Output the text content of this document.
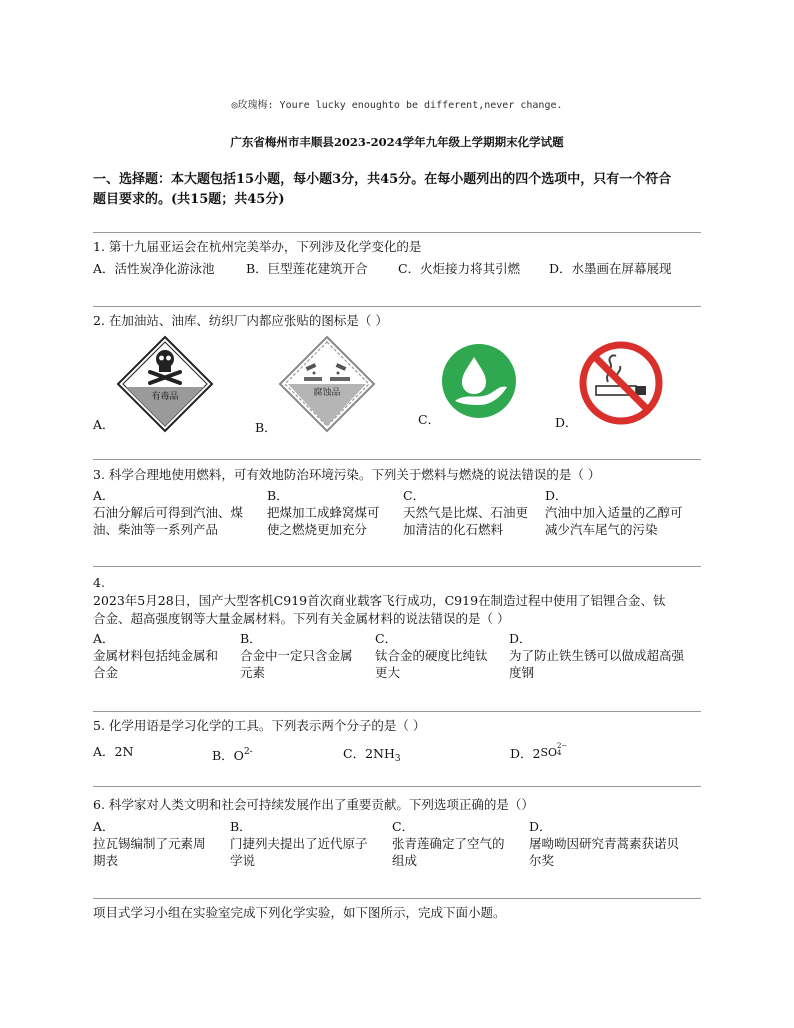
◎玫瑰梅: Youre lucky enoughto be different,never change.
广东省梅州市丰顺县2023-2024学年九年级上学期期末化学试题
一、选择题：本大题包括15小题，每小题3分，共45分。在每小题列出的四个选项中，只有一个符合
题目要求的。(共15题；共45分)
1. 第十九届亚运会在杭州完美举办，下列涉及化学变化的是
A．活性炭净化游泳池	B．巨型莲花建筑开合 C．火炬接力将其引燃 D．水墨画在屏幕展现
2. 在加油站、油库、纺织厂内都应张贴的图标是（ ）
有毒品
A．
腐蚀品
B．
C．	D．
3. 科学合理地使用燃料，可有效地防治环境污染。下列关于燃料与燃烧的说法错误的是（ ）
A．
石油分解后可得到汽油、煤
油、柴油等一系列产品
B．
把煤加工成蜂窝煤可
使之燃烧更加充分
C．
天然气是比煤、石油更
加清洁的化石燃料
D．
汽油中加入适量的乙醇可
减少汽车尾气的污染
4.
2023年5月28日，国产大型客机C919首次商业载客飞行成功，C919在制造过程中使用了铝锂合金、钛
合金、超高强度钢等大量金属材料。下列有关金属材料的说法错误的是（ ）
A．
金属材料包括纯金属和
合金
B．
合金中一定只含金属
元素
C．
钛合金的硬度比纯钛
更大
D．
为了防止铁生锈可以做成超高强
度钢
5. 化学用语是学习化学的工具。下列表示两个分子的是（ ）
A．2N	B．$O^{2-}$	C．$2NH_3$	D．2SO 2−
4
6. 科学家对人类文明和社会可持续发展作出了重要贡献。下列选项正确的是（）
A．
拉瓦锡编制了元素周
期表
B．
门捷列夫提出了近代原子
学说
C．
张青莲确定了空气的
组成
D．
屠呦呦因研究青蒿素获诺贝
尔奖
项目式学习小组在实验室完成下列化学实验，如下图所示，完成下面小题。
